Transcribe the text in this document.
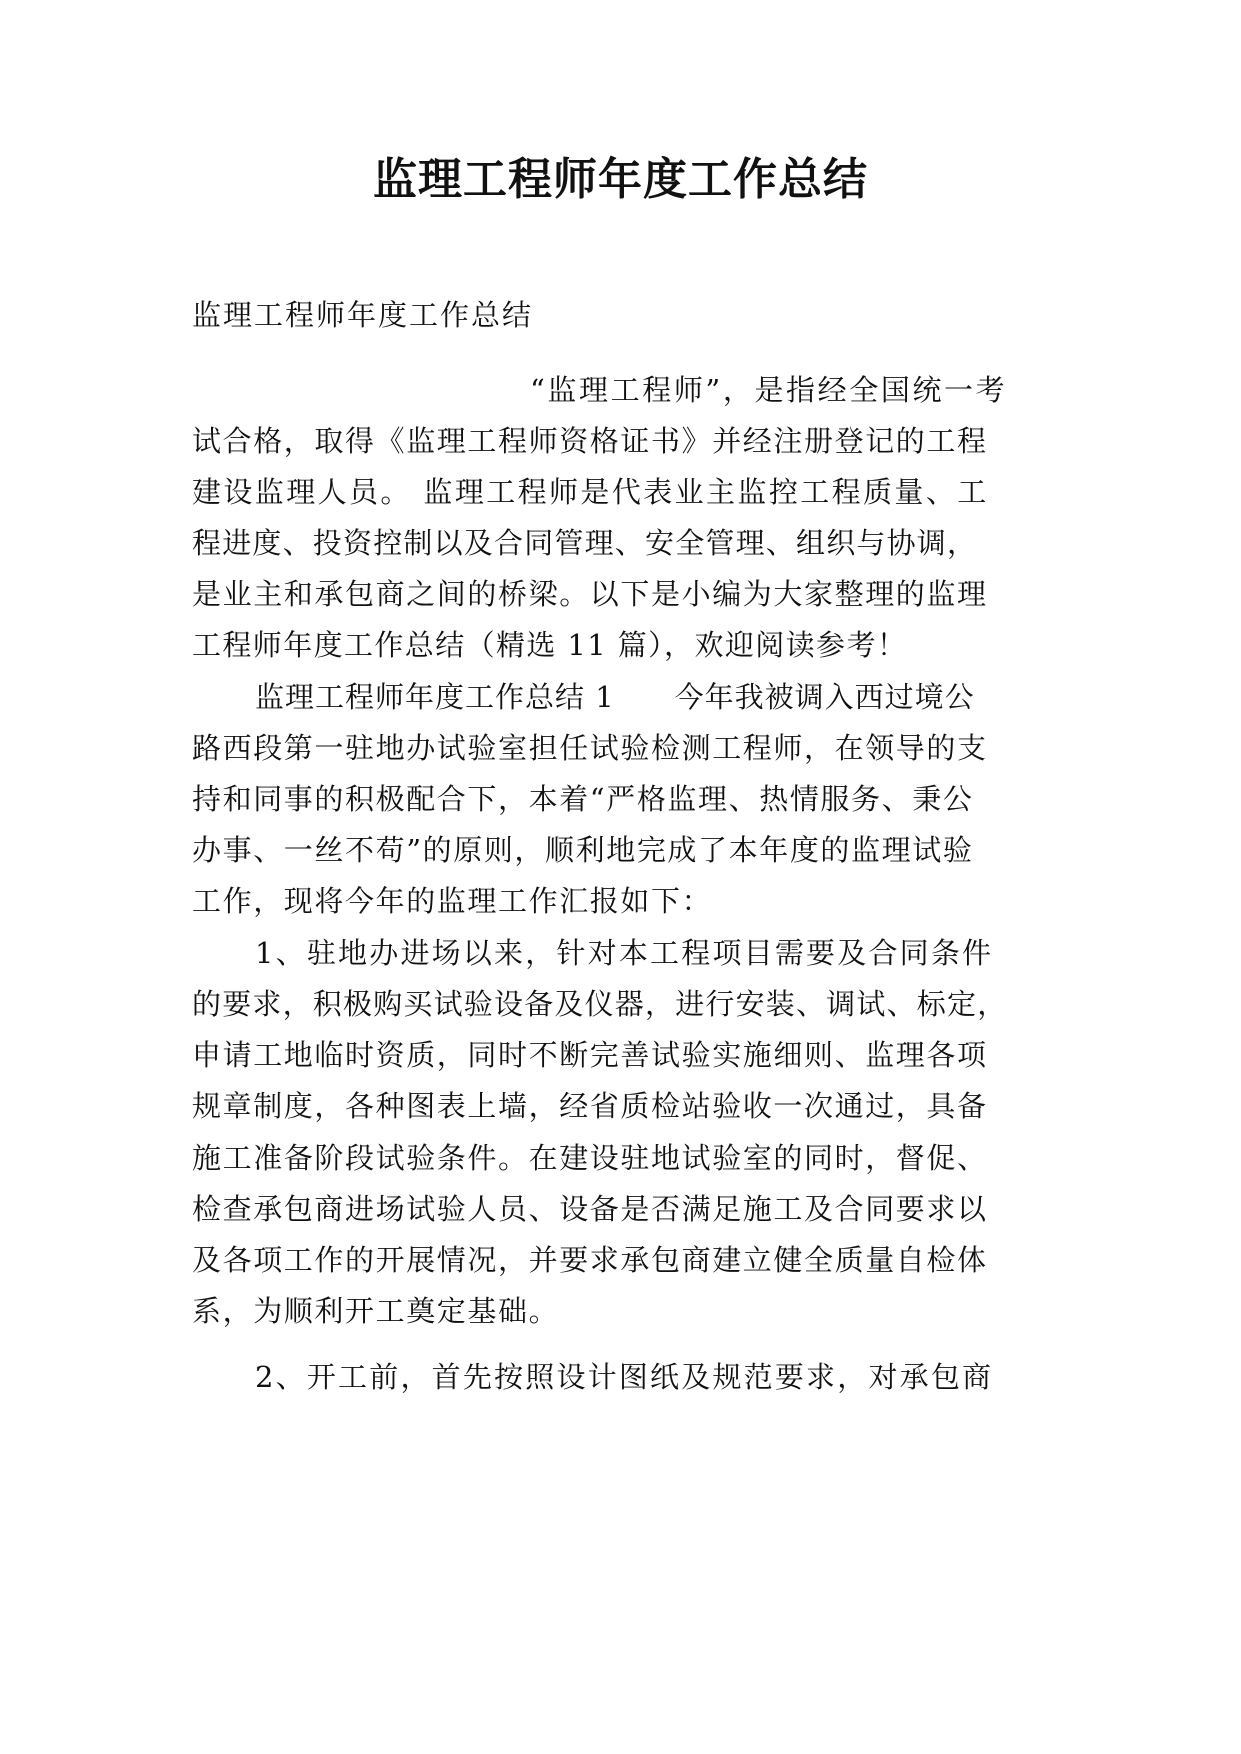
监理工程师年度工作总结
监理工程师年度工作总结
“监理工程师”，是指经全国统一考
试合格，取得《监理工程师资格证书》并经注册登记的工程
建设监理人员。 监理工程师是代表业主监控工程质量、工
程进度、投资控制以及合同管理、安全管理、组织与协调，
是业主和承包商之间的桥梁。以下是小编为大家整理的监理
工程师年度工作总结（精选 11 篇），欢迎阅读参考！
监理工程师年度工作总结 1　　今年我被调入西过境公
路西段第一驻地办试验室担任试验检测工程师，在领导的支
持和同事的积极配合下，本着“严格监理、热情服务、秉公
办事、一丝不苟”的原则，顺利地完成了本年度的监理试验
工作，现将今年的监理工作汇报如下：
1、驻地办进场以来，针对本工程项目需要及合同条件
的要求，积极购买试验设备及仪器，进行安装、调试、标定，
申请工地临时资质，同时不断完善试验实施细则、监理各项
规章制度，各种图表上墙，经省质检站验收一次通过，具备
施工准备阶段试验条件。在建设驻地试验室的同时，督促、
检查承包商进场试验人员、设备是否满足施工及合同要求以
及各项工作的开展情况，并要求承包商建立健全质量自检体
系，为顺利开工奠定基础。
2、开工前，首先按照设计图纸及规范要求，对承包商
